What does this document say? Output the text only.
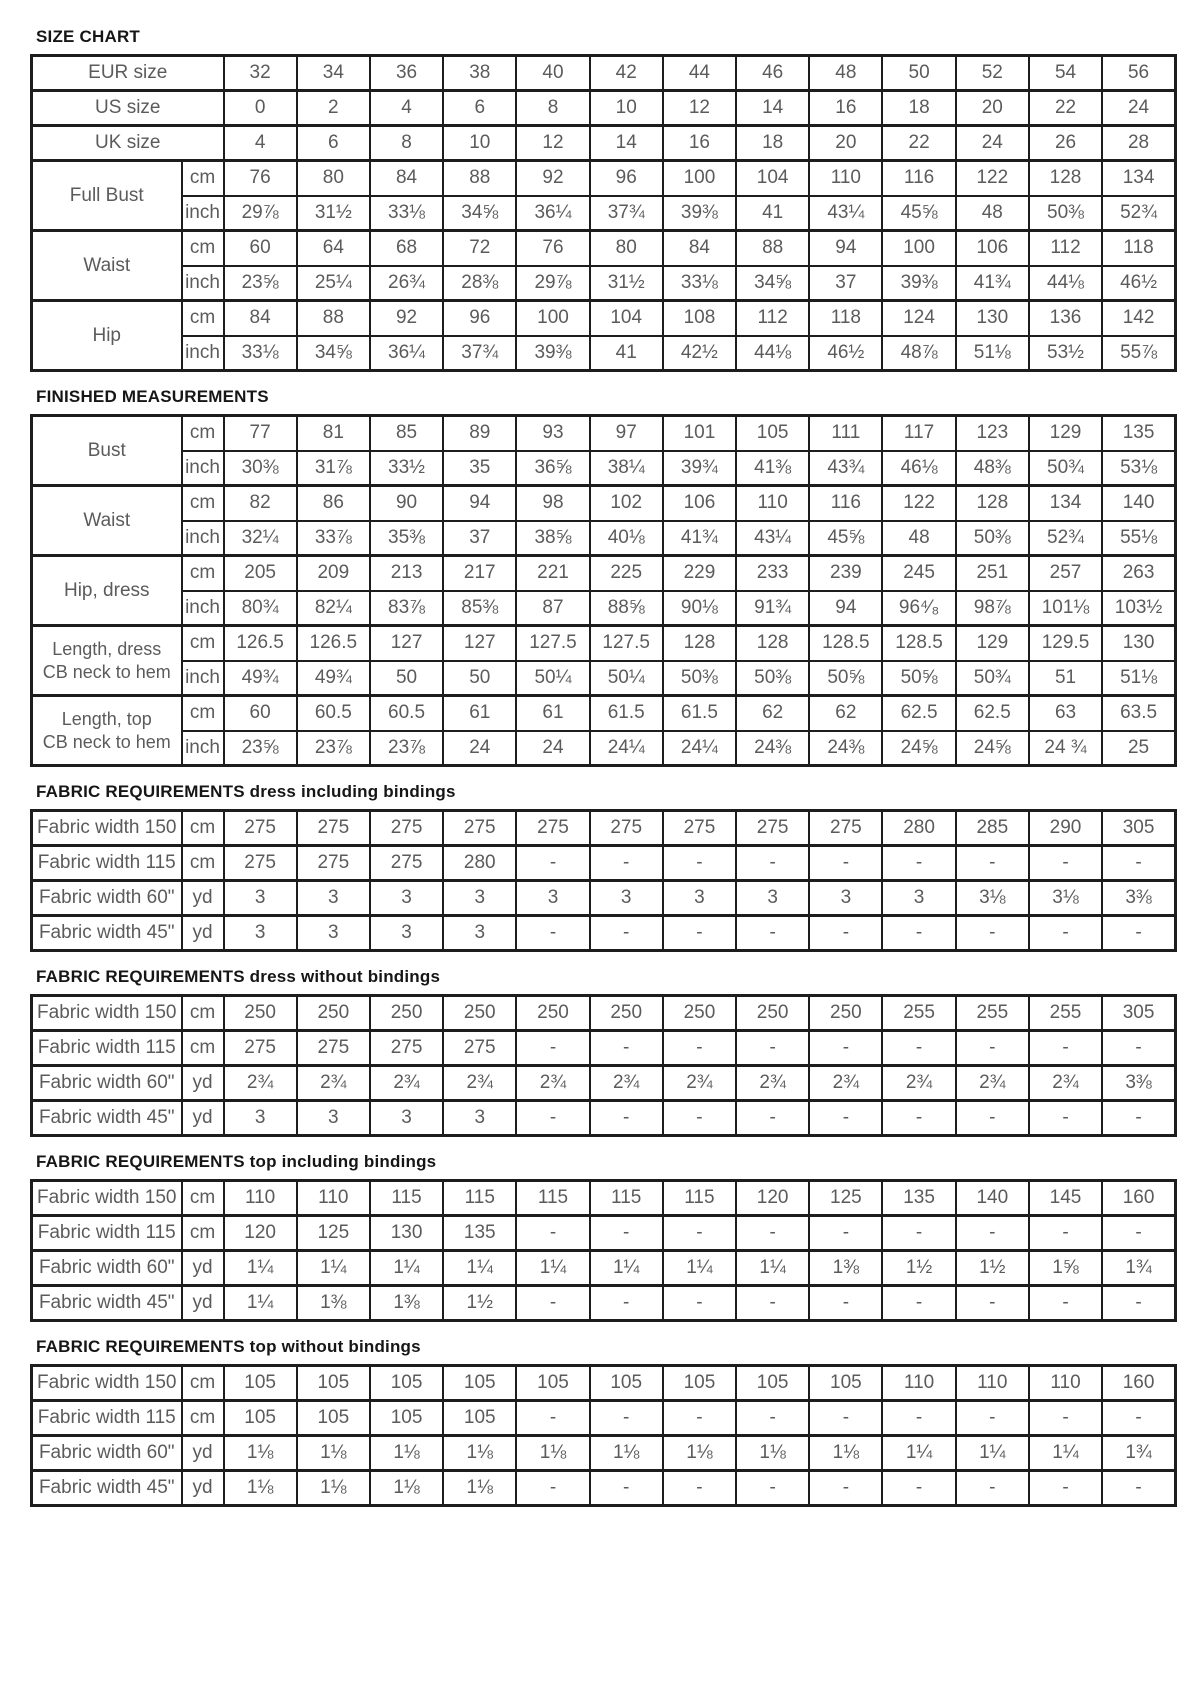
SIZE CHART
EUR size		32	34	36	38	40	42	44	46	48	50	52	54	56
US size		0	2	4	6	8	10	12	14	16	18	20	22	24
UK size		4	6	8	10	12	14	16	18	20	22	24	26	28
Full Bust	cm	76	80	84	88	92	96	100	104	110	116	122	128	134
	inch	29⅞	31½	33⅛	34⅝	36¼	37¾	39⅜	41	43¼	45⅝	48	50⅜	52¾
Waist	cm	60	64	68	72	76	80	84	88	94	100	106	112	118
	inch	23⅝	25¼	26¾	28⅜	29⅞	31½	33⅛	34⅝	37	39⅜	41¾	44⅛	46½
Hip	cm	84	88	92	96	100	104	108	112	118	124	130	136	142
	inch	33⅛	34⅝	36¼	37¾	39⅜	41	42½	44⅛	46½	48⅞	51⅛	53½	55⅞
FINISHED MEASUREMENTS
Bust	cm	77	81	85	89	93	97	101	105	111	117	123	129	135
	inch	30⅜	31⅞	33½	35	36⅝	38¼	39¾	41⅜	43¾	46⅛	48⅜	50¾	53⅛
Waist	cm	82	86	90	94	98	102	106	110	116	122	128	134	140
	inch	32¼	33⅞	35⅜	37	38⅝	40⅛	41¾	43¼	45⅝	48	50⅜	52¾	55⅛
Hip, dress	cm	205	209	213	217	221	225	229	233	239	245	251	257	263
	inch	80¾	82¼	83⅞	85⅜	87	88⅝	90⅛	91¾	94	96⁴⁄₈	98⅞	101⅛	103½
Length, dress
CB neck to hem	cm	126.5	126.5	127	127	127.5	127.5	128	128	128.5	128.5	129	129.5	130
	inch	49¾	49¾	50	50	50¼	50¼	50⅜	50⅜	50⅝	50⅝	50¾	51	51⅛
Length, top
CB neck to hem	cm	60	60.5	60.5	61	61	61.5	61.5	62	62	62.5	62.5	63	63.5
	inch	23⅝	23⅞	23⅞	24	24	24¼	24¼	24⅜	24⅜	24⅝	24⅝	24 ¾	25
FABRIC REQUIREMENTS dress including bindings
Fabric width 150	cm	275	275	275	275	275	275	275	275	275	280	285	290	305
Fabric width 115	cm	275	275	275	280	-	-	-	-	-	-	-	-	-
Fabric width 60"	yd	3	3	3	3	3	3	3	3	3	3	3⅛	3⅛	3⅜
Fabric width 45"	yd	3	3	3	3	-	-	-	-	-	-	-	-	-
FABRIC REQUIREMENTS dress without bindings
Fabric width 150	cm	250	250	250	250	250	250	250	250	250	255	255	255	305
Fabric width 115	cm	275	275	275	275	-	-	-	-	-	-	-	-	-
Fabric width 60"	yd	2¾	2¾	2¾	2¾	2¾	2¾	2¾	2¾	2¾	2¾	2¾	2¾	3⅜
Fabric width 45"	yd	3	3	3	3	-	-	-	-	-	-	-	-	-
FABRIC REQUIREMENTS top including bindings
Fabric width 150	cm	110	110	115	115	115	115	115	120	125	135	140	145	160
Fabric width 115	cm	120	125	130	135	-	-	-	-	-	-	-	-	-
Fabric width 60"	yd	1¼	1¼	1¼	1¼	1¼	1¼	1¼	1¼	1⅜	1½	1½	1⅝	1¾
Fabric width 45"	yd	1¼	1⅜	1⅜	1½	-	-	-	-	-	-	-	-	-
FABRIC REQUIREMENTS top without bindings
Fabric width 150	cm	105	105	105	105	105	105	105	105	105	110	110	110	160
Fabric width 115	cm	105	105	105	105	-	-	-	-	-	-	-	-	-
Fabric width 60"	yd	1⅛	1⅛	1⅛	1⅛	1⅛	1⅛	1⅛	1⅛	1⅛	1¼	1¼	1¼	1¾
Fabric width 45"	yd	1⅛	1⅛	1⅛	1⅛	-	-	-	-	-	-	-	-	-
